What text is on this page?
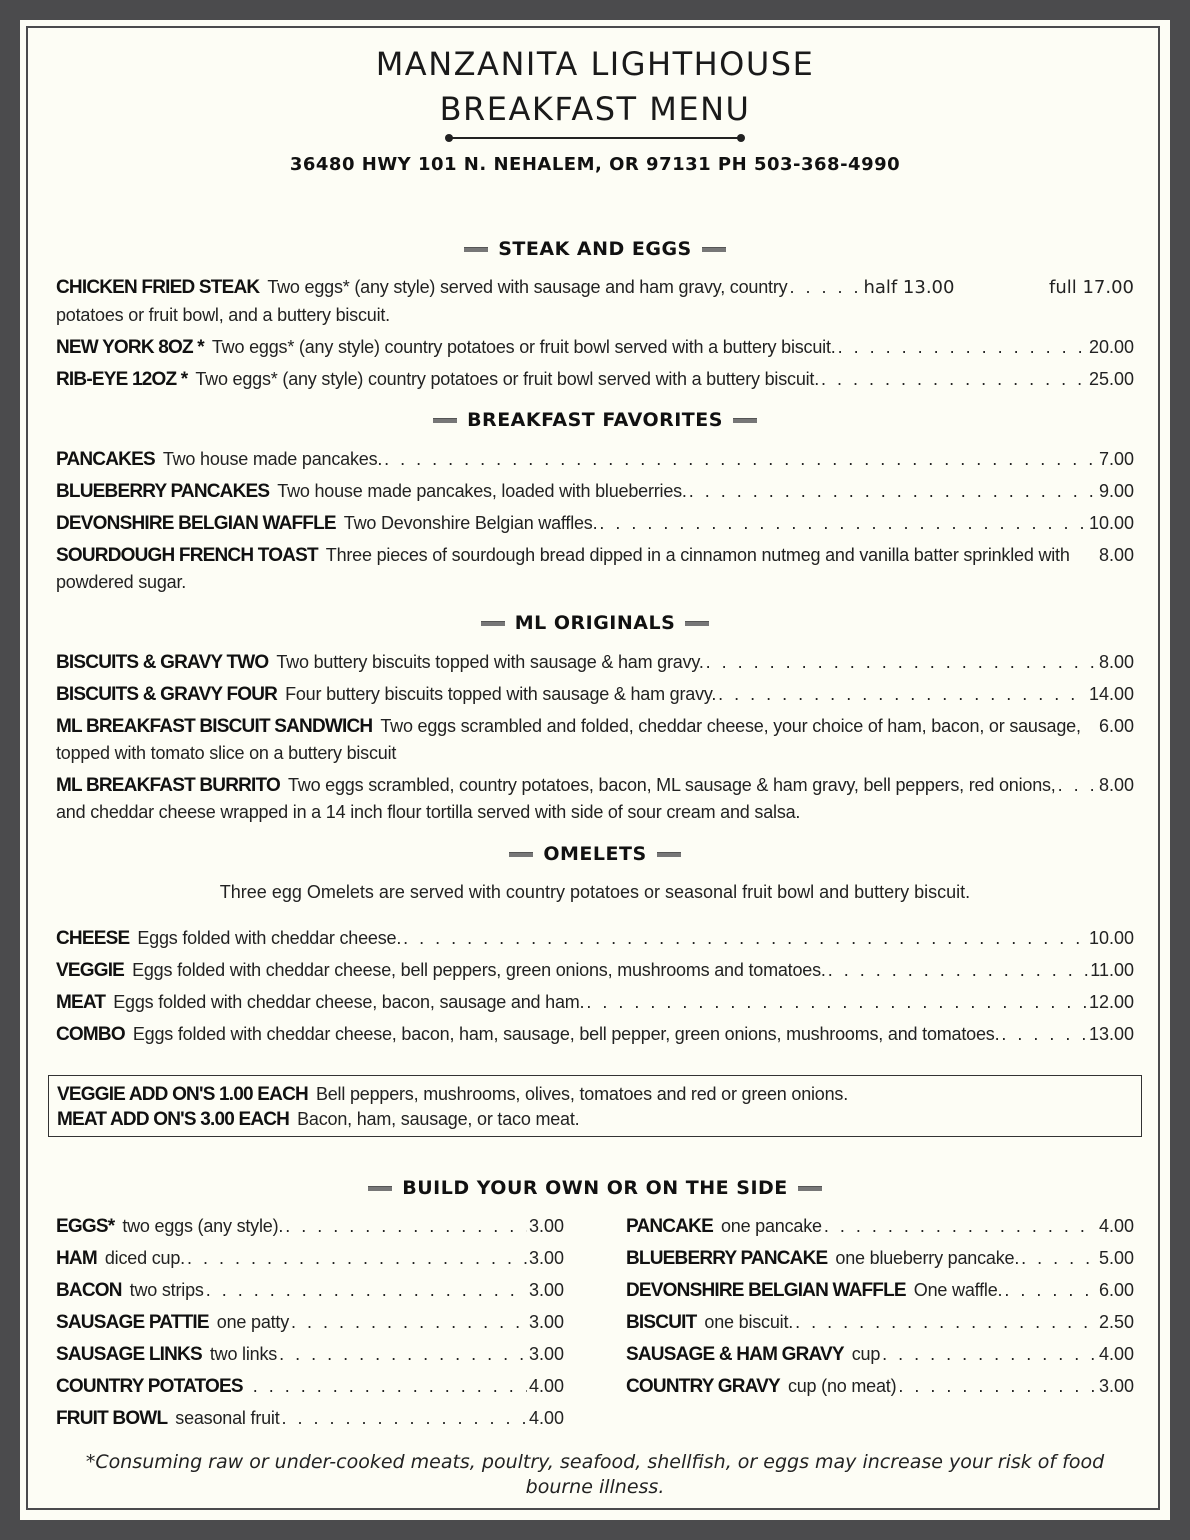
MANZANITA LIGHTHOUSE
BREAKFAST MENU
36480 HWY 101 N. NEHALEM, OR 97131 PH 503-368-4990
STEAK AND EGGS
CHICKEN FRIED STEAK Two eggs* (any style) served with sausage and ham gravy, country . . .	half 13.00	full 17.00
potatoes or fruit bowl, and a buttery biscuit.
NEW YORK 8OZ * Two eggs* (any style) country potatoes or fruit bowl served with a buttery biscuit. . . .	20.00
RIB-EYE 12OZ * Two eggs* (any style) country potatoes or fruit bowl served with a buttery biscuit. . . .	25.00
BREAKFAST FAVORITES
PANCAKES Two house made pancakes. . . .	7.00
BLUEBERRY PANCAKES Two house made pancakes, loaded with blueberries. . . .	9.00
DEVONSHIRE BELGIAN WAFFLE Two Devonshire Belgian waffles. . . .	10.00
SOURDOUGH FRENCH TOAST Three pieces of sourdough bread dipped in a cinnamon nutmeg and vanilla batter sprinkled with 8.00
powdered sugar.
ML ORIGINALS
BISCUITS & GRAVY TWO Two buttery biscuits topped with sausage & ham gravy. . . .	8.00
BISCUITS & GRAVY FOUR Four buttery biscuits topped with sausage & ham gravy. . . .	14.00
ML BREAKFAST BISCUIT SANDWICH Two eggs scrambled and folded, cheddar cheese, your choice of ham, bacon, or sausage, 6.00
topped with tomato slice on a buttery biscuit
ML BREAKFAST BURRITO Two eggs scrambled, country potatoes, bacon, ML sausage & ham gravy, bell peppers, red onions, . . . 8.00
and cheddar cheese wrapped in a 14 inch flour tortilla served with side of sour cream and salsa.
OMELETS
Three egg Omelets are served with country potatoes or seasonal fruit bowl and buttery biscuit.
CHEESE Eggs folded with cheddar cheese. . . .	10.00
VEGGIE Eggs folded with cheddar cheese, bell peppers, green onions, mushrooms and tomatoes. . . .	11.00
MEAT Eggs folded with cheddar cheese, bacon, sausage and ham. . . .	12.00
COMBO Eggs folded with cheddar cheese, bacon, ham, sausage, bell pepper, green onions, mushrooms, and tomatoes. . . .	13.00
VEGGIE ADD ON'S 1.00 EACH Bell peppers, mushrooms, olives, tomatoes and red or green onions.
MEAT ADD ON'S 3.00 EACH Bacon, ham, sausage, or taco meat.
BUILD YOUR OWN OR ON THE SIDE
EGGS* two eggs (any style). . . .	3.00
HAM diced cup. . . .	3.00
BACON two strips . . .	3.00
SAUSAGE PATTIE one patty . . .	3.00
SAUSAGE LINKS two links . . .	3.00
COUNTRY POTATOES . . .	4.00
FRUIT BOWL seasonal fruit . . .	4.00
PANCAKE one pancake . . .	4.00
BLUEBERRY PANCAKE one blueberry pancake. . . .	5.00
DEVONSHIRE BELGIAN WAFFLE One waffle. . . .	6.00
BISCUIT one biscuit. . . .	2.50
SAUSAGE & HAM GRAVY cup . . .	4.00
COUNTRY GRAVY cup (no meat) . . .	3.00
*Consuming raw or under-cooked meats, poultry, seafood, shellfish, or eggs may increase your risk of food bourne illness.
